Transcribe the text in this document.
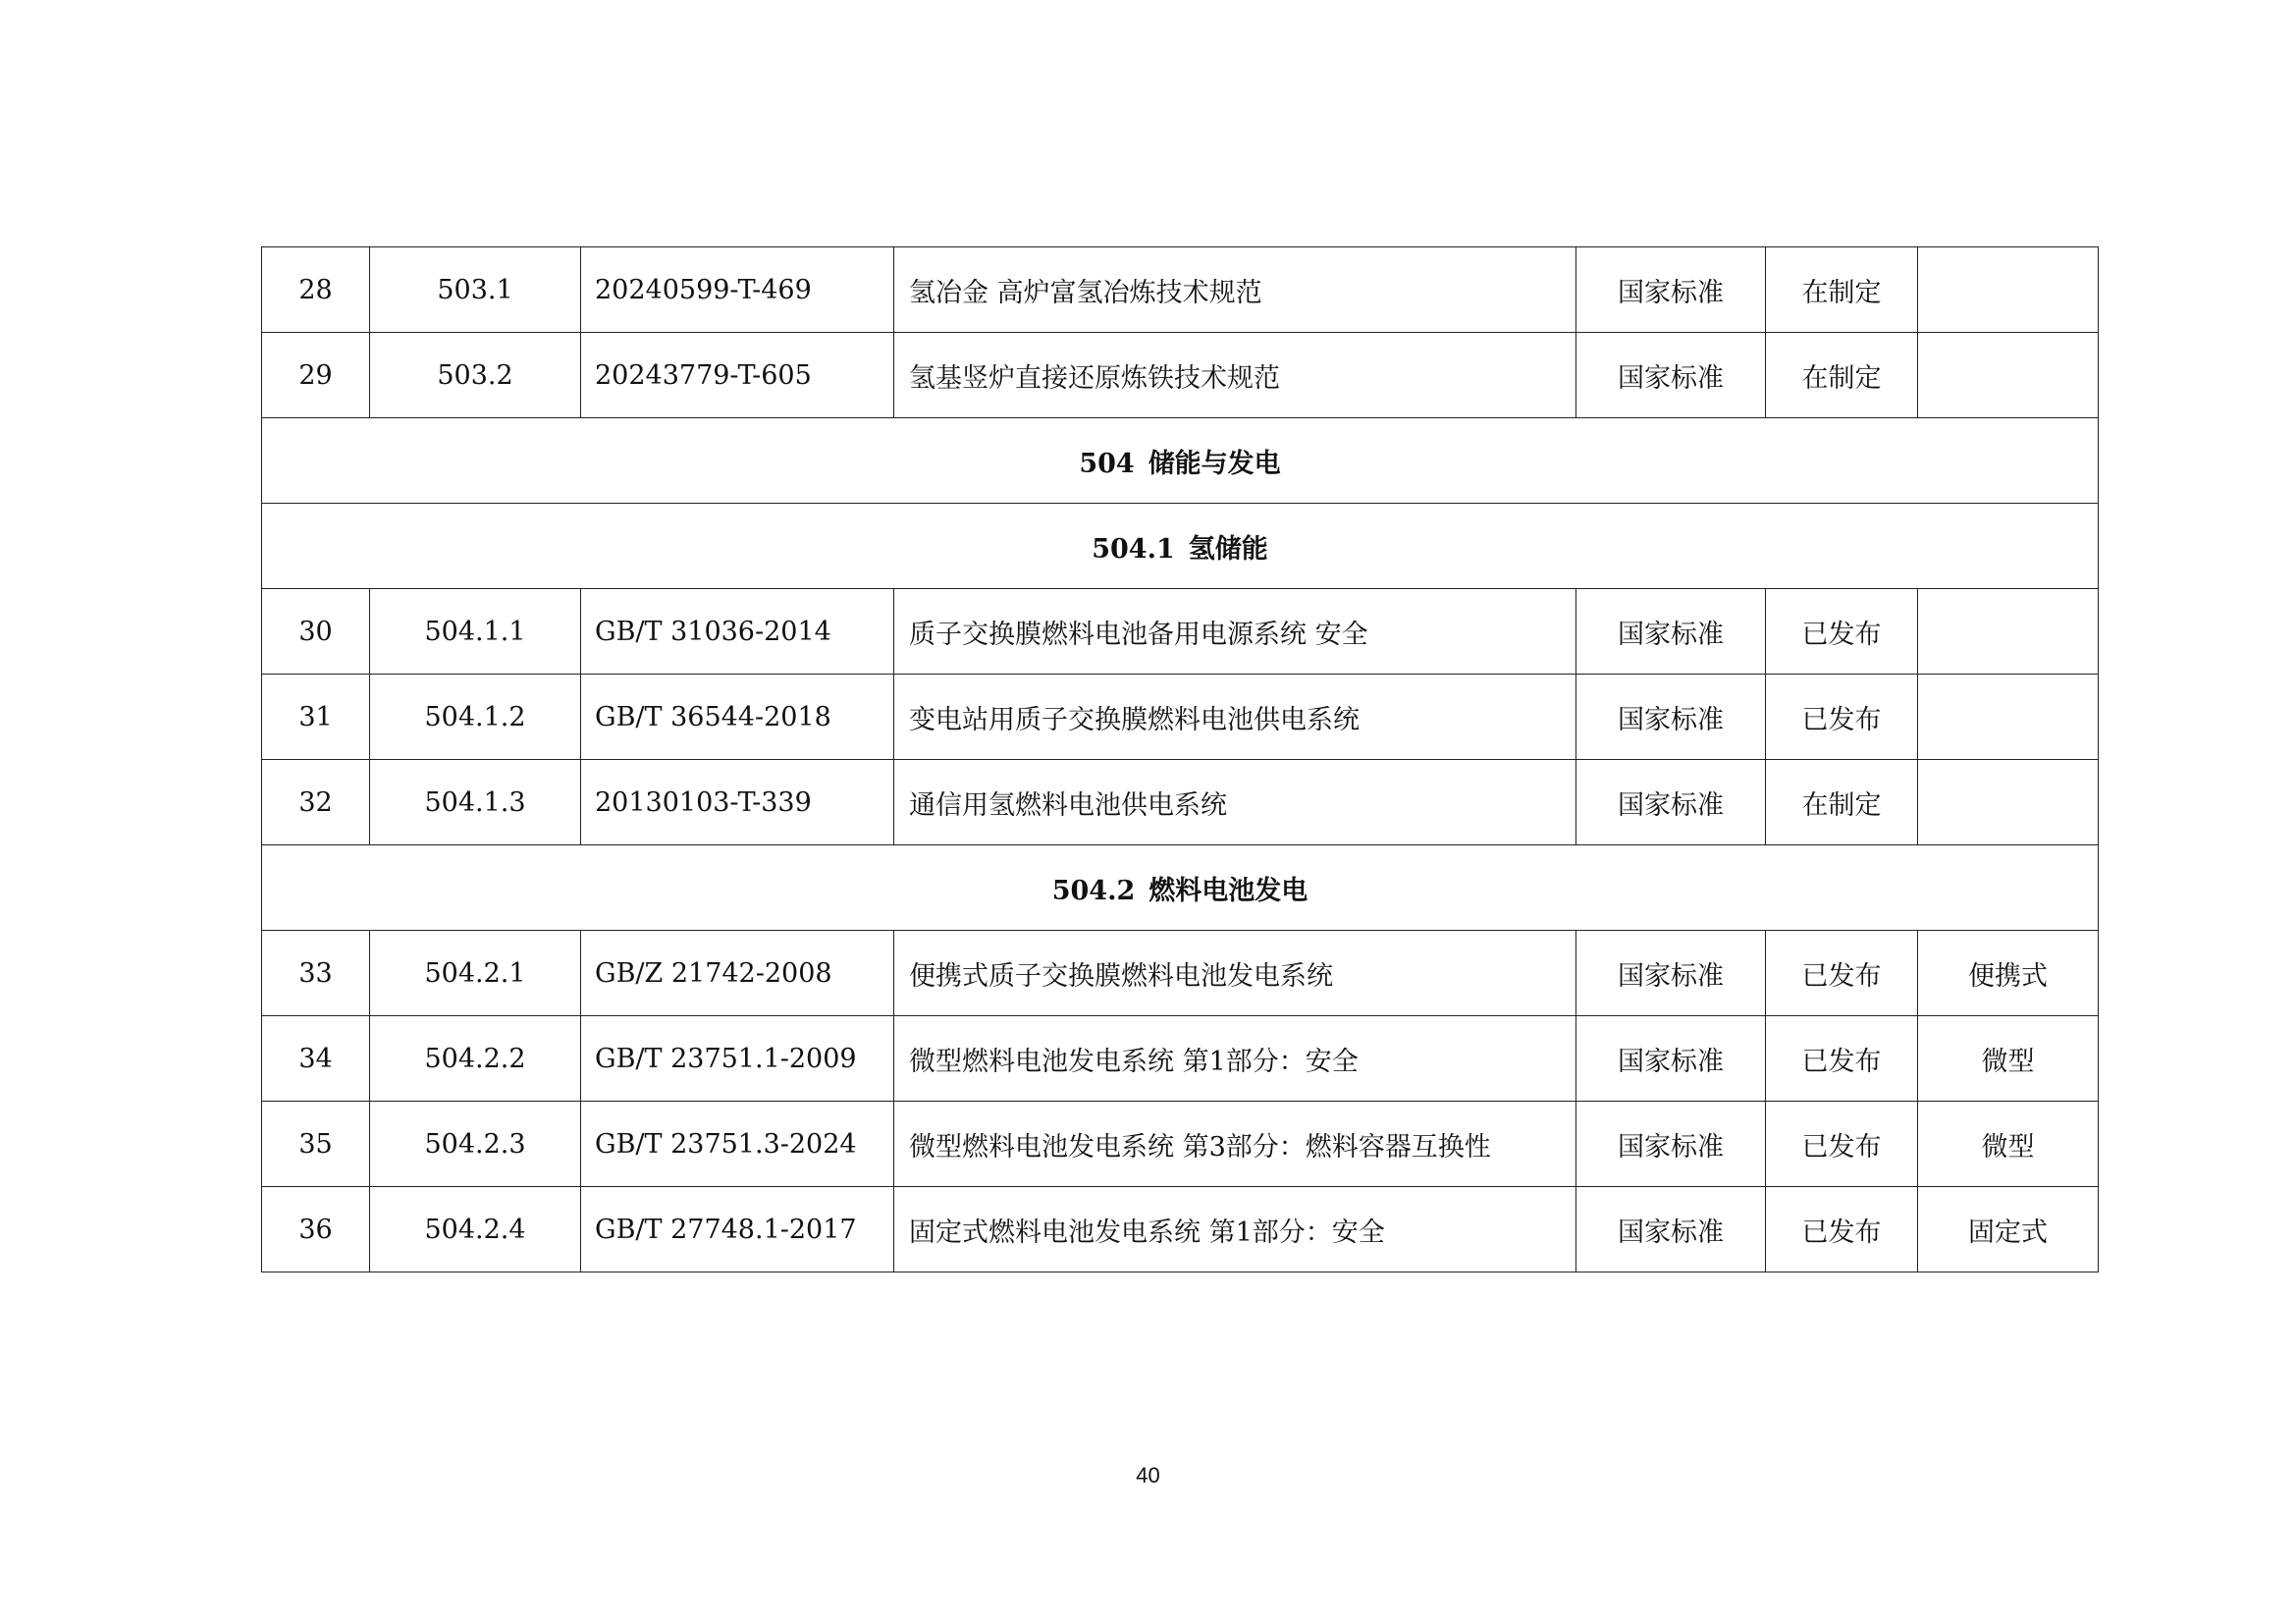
28	503.1	20240599-T-469	氢冶金 高炉富氢冶炼技术规范	国家标准	在制定	
29	503.2	20243779-T-605	氢基竖炉直接还原炼铁技术规范	国家标准	在制定	
504 储能与发电						
504.1 氢储能						
30	504.1.1	GB/T 31036-2014	质子交换膜燃料电池备用电源系统 安全	国家标准	已发布	
31	504.1.2	GB/T 36544-2018	变电站用质子交换膜燃料电池供电系统	国家标准	已发布	
32	504.1.3	20130103-T-339	通信用氢燃料电池供电系统	国家标准	在制定	
504.2 燃料电池发电						
33	504.2.1	GB/Z 21742-2008	便携式质子交换膜燃料电池发电系统	国家标准	已发布	便携式
34	504.2.2	GB/T 23751.1-2009	微型燃料电池发电系统 第1部分：安全	国家标准	已发布	微型
35	504.2.3	GB/T 23751.3-2024	微型燃料电池发电系统 第3部分：燃料容器互换性	国家标准	已发布	微型
36	504.2.4	GB/T 27748.1-2017	固定式燃料电池发电系统 第1部分：安全	国家标准	已发布	固定式
40
